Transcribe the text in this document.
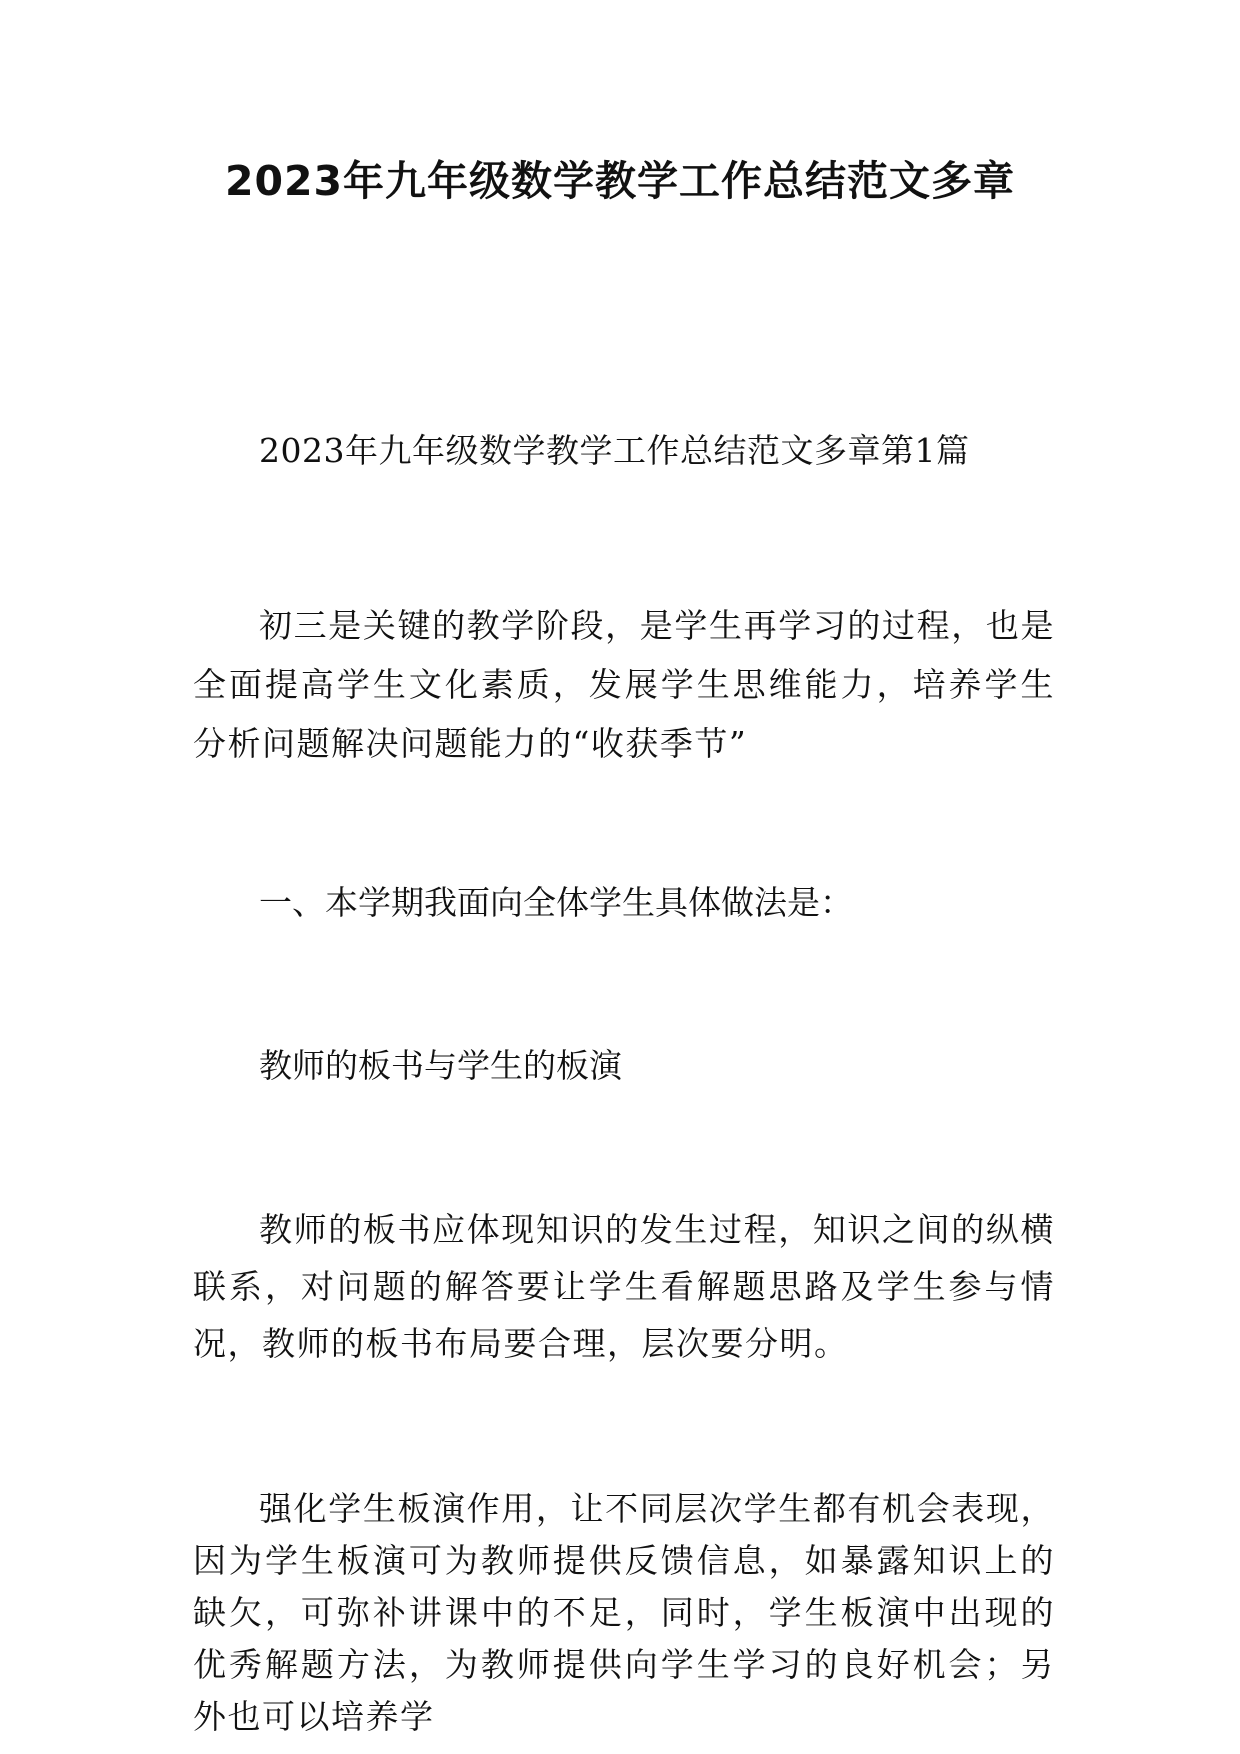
2023年九年级数学教学工作总结范文多章

2023年九年级数学教学工作总结范文多章第1篇

初三是关键的教学阶段，是学生再学习的过程，也是全面提高学生文化素质，发展学生思维能力，培养学生分析问题解决问题能力的“收获季节”

一、本学期我面向全体学生具体做法是：

教师的板书与学生的板演

教师的板书应体现知识的发生过程，知识之间的纵横联系，对问题的解答要让学生看解题思路及学生参与情况，教师的板书布局要合理，层次要分明。

强化学生板演作用，让不同层次学生都有机会表现，因为学生板演可为教师提供反馈信息，如暴露知识上的缺欠，可弥补讲课中的不足，同时，学生板演中出现的优秀解题方法，为教师提供向学生学习的良好机会；另外也可以培养学
